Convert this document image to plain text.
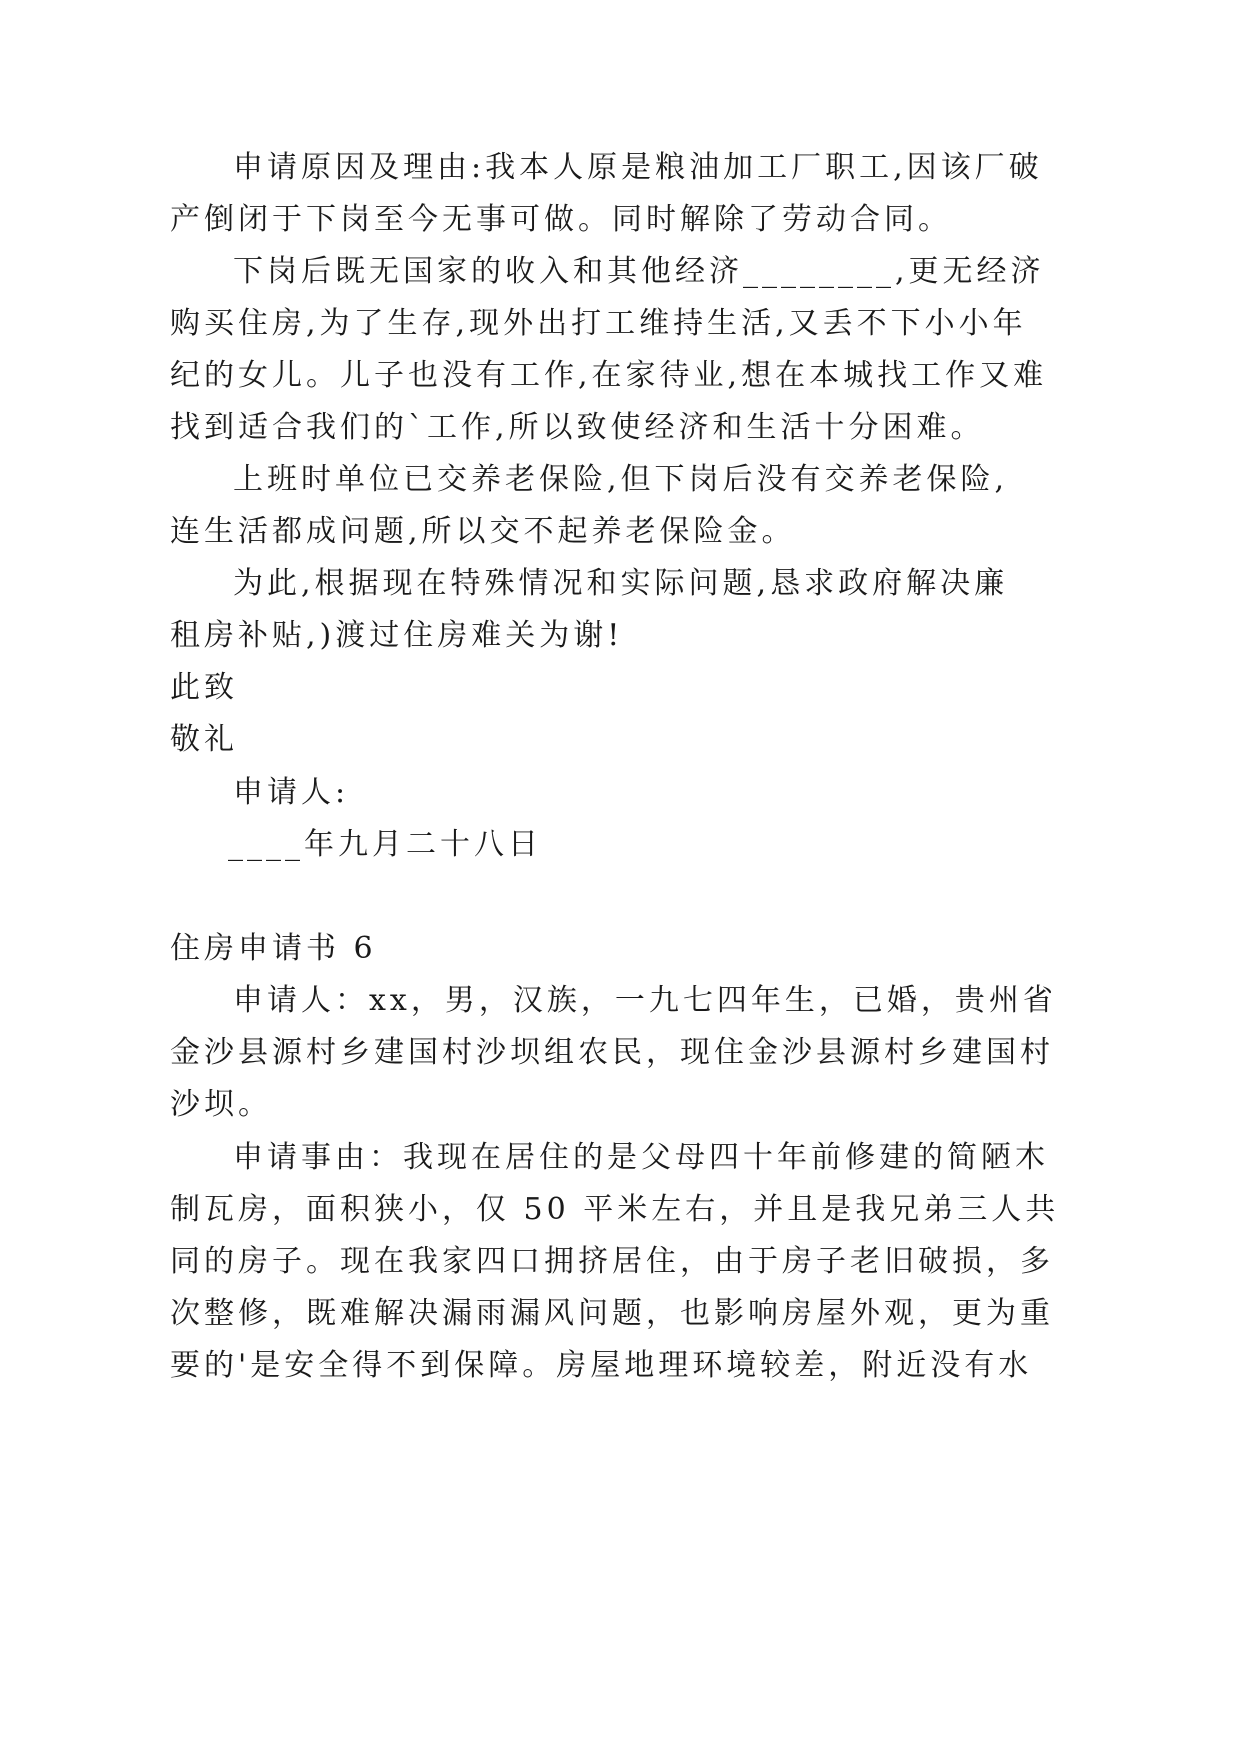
申请原因及理由:我本人原是粮油加工厂职工,因该厂破
产倒闭于下岗至今无事可做。同时解除了劳动合同。
下岗后既无国家的收入和其他经济________,更无经济
购买住房,为了生存,现外出打工维持生活,又丢不下小小年
纪的女儿。儿子也没有工作,在家待业,想在本城找工作又难
找到适合我们的`工作,所以致使经济和生活十分困难。
上班时单位已交养老保险,但下岗后没有交养老保险,
连生活都成问题,所以交不起养老保险金。
为此,根据现在特殊情况和实际问题,恳求政府解决廉
租房补贴,)渡过住房难关为谢!
此致
敬礼
申请人:
____年九月二十八日
住房申请书 6
申请人：xx，男，汉族，一九七四年生，已婚，贵州省
金沙县源村乡建国村沙坝组农民，现住金沙县源村乡建国村
沙坝。
申请事由：我现在居住的是父母四十年前修建的简陋木
制瓦房，面积狭小，仅 50 平米左右，并且是我兄弟三人共
同的房子。现在我家四口拥挤居住，由于房子老旧破损，多
次整修，既难解决漏雨漏风问题，也影响房屋外观，更为重
要的'是安全得不到保障。房屋地理环境较差，附近没有水
